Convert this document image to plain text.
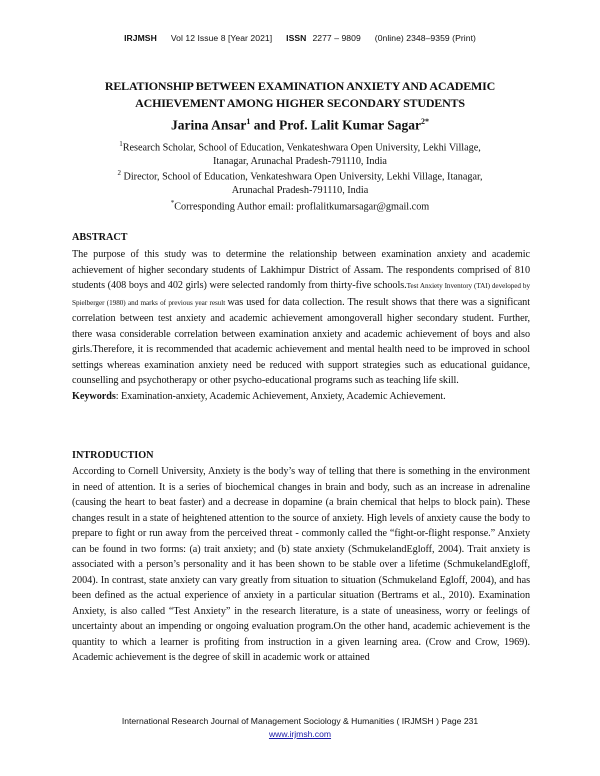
IRJMSH Vol 12 Issue 8 [Year 2021] ISSN 2277 – 9809 (0nline) 2348–9359 (Print)
RELATIONSHIP BETWEEN EXAMINATION ANXIETY AND ACADEMIC
ACHIEVEMENT AMONG HIGHER SECONDARY STUDENTS
Jarina Ansar$^1$ and Prof. Lalit Kumar Sagar$^{2*}$
$^1$Research Scholar, School of Education, Venkateshwara Open University, Lekhi Village,
Itanagar, Arunachal Pradesh-791110, India
$^2$ Director, School of Education, Venkateshwara Open University, Lekhi Village, Itanagar,
Arunachal Pradesh-791110, India
*Corresponding Author email: proflalitkumarsagar@gmail.com
ABSTRACT
The purpose of this study was to determine the relationship between examination anxiety and academic achievement of higher secondary students of Lakhimpur District of Assam. The respondents comprised of 810 students (408 boys and 402 girls) were selected randomly from thirty-five schools.Test Anxiety Inventory (TAI) developed by Spielberger (1980) and marks of previous year result was used for data collection. The result shows that there was a significant correlation between test anxiety and academic achievement amongoverall higher secondary student. Further, there wasa considerable correlation between examination anxiety and academic achievement of boys and also girls.Therefore, it is recommended that academic achievement and mental health need to be improved in school settings whereas examination anxiety need be reduced with support strategies such as educational guidance, counselling and psychotherapy or other psycho-educational programs such as teaching life skill.
Keywords: Examination-anxiety, Academic Achievement, Anxiety, Academic Achievement.
INTRODUCTION
According to Cornell University, Anxiety is the body’s way of telling that there is something in the environment in need of attention. It is a series of biochemical changes in brain and body, such as an increase in adrenaline (causing the heart to beat faster) and a decrease in dopamine (a brain chemical that helps to block pain). These changes result in a state of heightened attention to the source of anxiety. High levels of anxiety cause the body to prepare to fight or run away from the perceived threat - commonly called the “fight-or-flight response.” Anxiety can be found in two forms: (a) trait anxiety; and (b) state anxiety (SchmukelandEgloff, 2004). Trait anxiety is associated with a person’s personality and it has been shown to be stable over a lifetime (SchmukelandEgloff, 2004). In contrast, state anxiety can vary greatly from situation to situation (Schmukeland Egloff, 2004), and has been defined as the actual experience of anxiety in a particular situation (Bertrams et al., 2010). Examination Anxiety, is also called “Test Anxiety” in the research literature, is a state of uneasiness, worry or feelings of uncertainty about an impending or ongoing evaluation program.On the other hand, academic achievement is the quantity to which a learner is profiting from instruction in a given learning area. (Crow and Crow, 1969). Academic achievement is the degree of skill in academic work or attained
International Research Journal of Management Sociology & Humanities ( IRJMSH ) Page 231
www.irjmsh.com
